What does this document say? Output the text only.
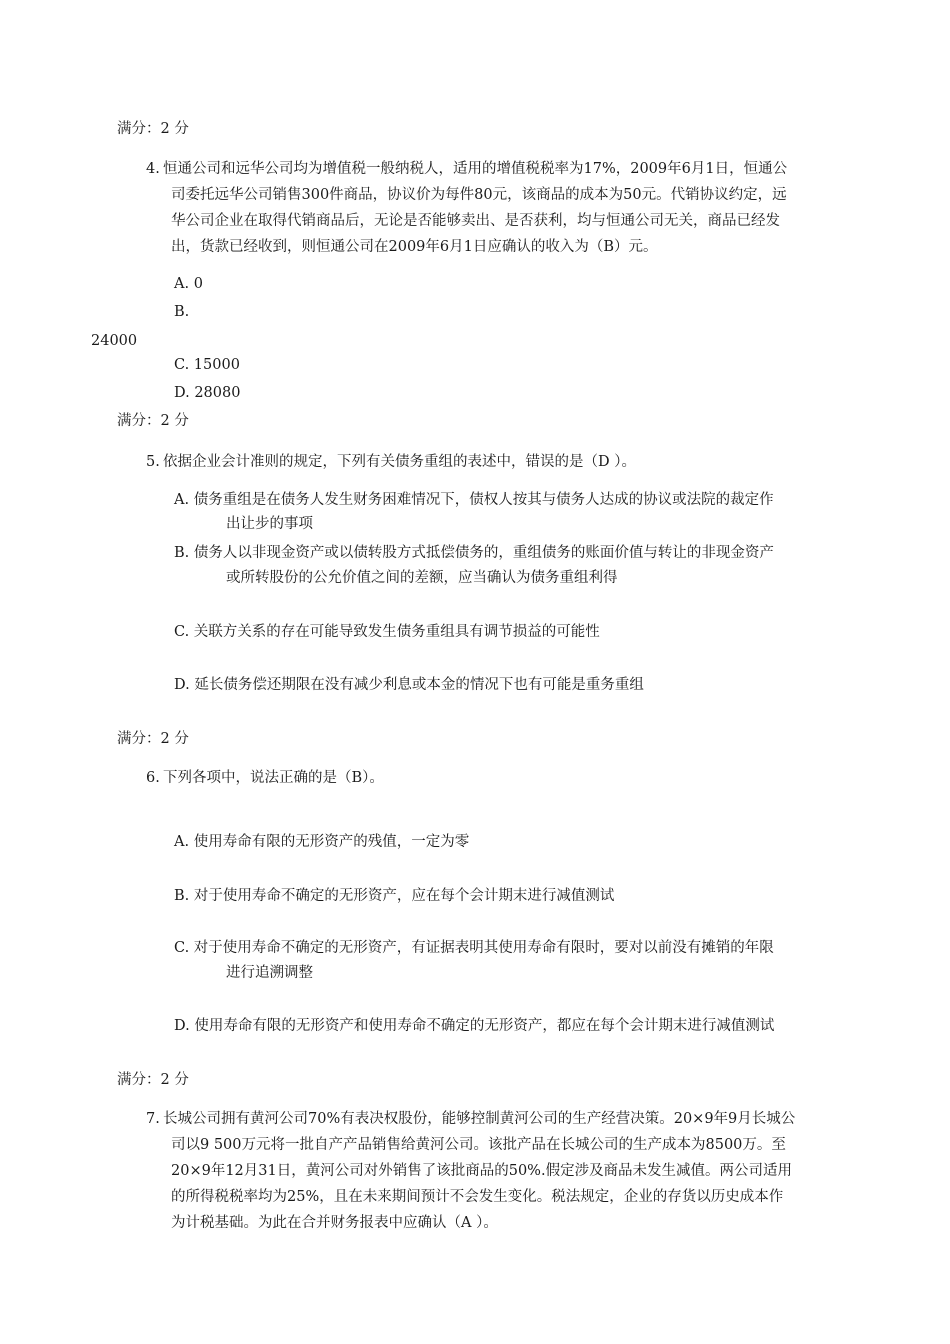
满分：2 分
4. 恒通公司和远华公司均为增值税一般纳税人，适用的增值税税率为17%，2009年6月1日，恒通公
司委托远华公司销售300件商品，协议价为每件80元，该商品的成本为50元。代销协议约定，远
华公司企业在取得代销商品后，无论是否能够卖出、是否获利，均与恒通公司无关，商品已经发
出，货款已经收到，则恒通公司在2009年6月1日应确认的收入为（B）元。
A. 0
B.
24000
C. 15000
D. 28080
满分：2 分
5. 依据企业会计准则的规定，下列有关债务重组的表述中，错误的是（D ）。
A. 债务重组是在债务人发生财务困难情况下，债权人按其与债务人达成的协议或法院的裁定作
出让步的事项
B. 债务人以非现金资产或以债转股方式抵偿债务的，重组债务的账面价值与转让的非现金资产
或所转股份的公允价值之间的差额，应当确认为债务重组利得
C. 关联方关系的存在可能导致发生债务重组具有调节损益的可能性
D. 延长债务偿还期限在没有减少利息或本金的情况下也有可能是重务重组
满分：2 分
6. 下列各项中，说法正确的是（B）。
A. 使用寿命有限的无形资产的残值，一定为零
B. 对于使用寿命不确定的无形资产，应在每个会计期末进行减值测试
C. 对于使用寿命不确定的无形资产，有证据表明其使用寿命有限时，要对以前没有摊销的年限
进行追溯调整
D. 使用寿命有限的无形资产和使用寿命不确定的无形资产，都应在每个会计期末进行减值测试
满分：2 分
7. 长城公司拥有黄河公司70%有表决权股份，能够控制黄河公司的生产经营决策。20×9年9月长城公
司以9 500万元将一批自产产品销售给黄河公司。该批产品在长城公司的生产成本为8500万。至
20×9年12月31日，黄河公司对外销售了该批商品的50%.假定涉及商品未发生减值。两公司适用
的所得税税率均为25%，且在未来期间预计不会发生变化。税法规定，企业的存货以历史成本作
为计税基础。为此在合并财务报表中应确认（A ）。
